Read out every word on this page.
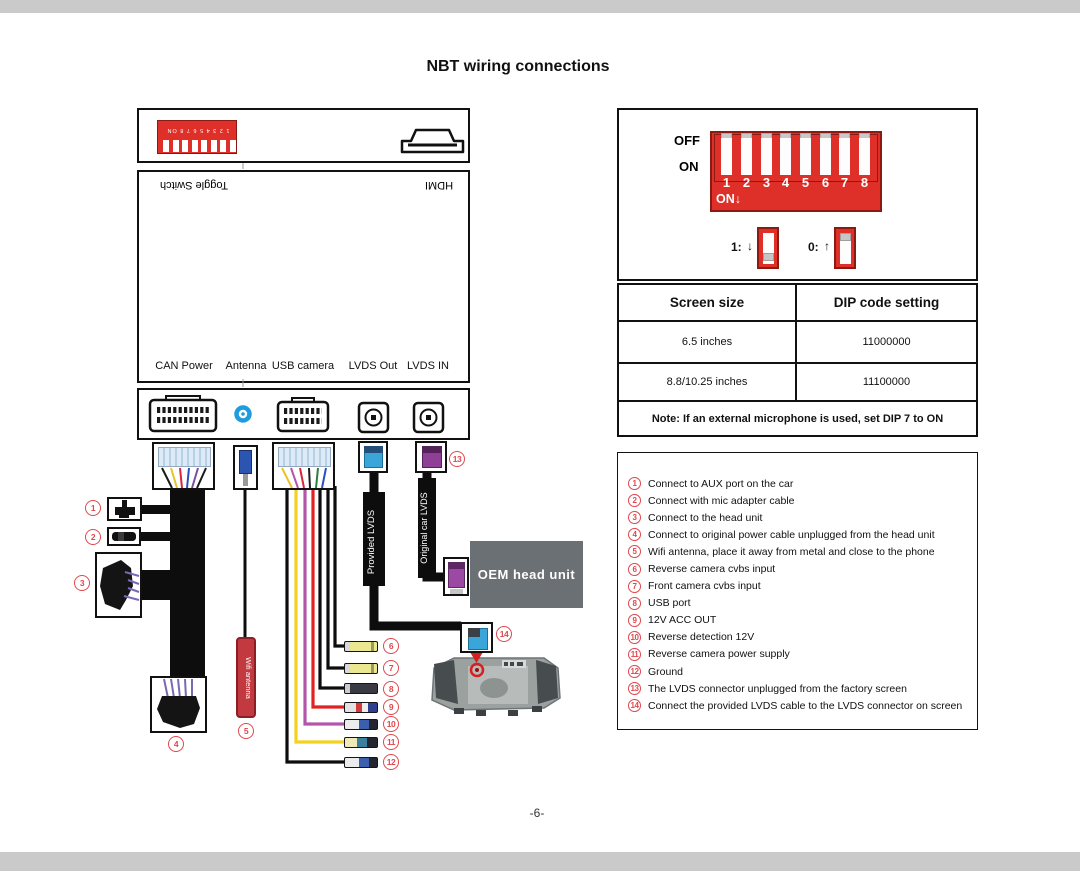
NBT wiring connections
-6-
Provided LVDS	Original car LVDS
1 2 3 4 5 6 7 8 ON
Toggle Switch	HDMI
CAN Power Antenna USB camera LVDS Out LVDS IN
Wifi antenna
OEM head unit
1
2
3
4
5
6
7
8
9
10
11
12
13
14
OFF
ON
1 2 3 4 5 6 7 8
ON↓
1: ↓	0: ↑
Screen size	DIP code setting
6.5 inches	11000000
8.8/10.25 inches	11100000
Note: If an external microphone is used, set DIP 7 to ON
1	Connect to AUX port on the car
2	Connect with mic adapter cable
3	Connect to the head unit
4	Connect to original power cable unplugged from the head unit
5	Wifi antenna, place it away from metal and close to the phone
6	Reverse camera cvbs input
7	Front camera cvbs input
8	USB port
9	12V ACC OUT
10 Reverse detection 12V
11 Reverse camera power supply
12 Ground
13 The LVDS connector unplugged from the factory screen
14 Connect the provided LVDS cable to the LVDS connector on screen
